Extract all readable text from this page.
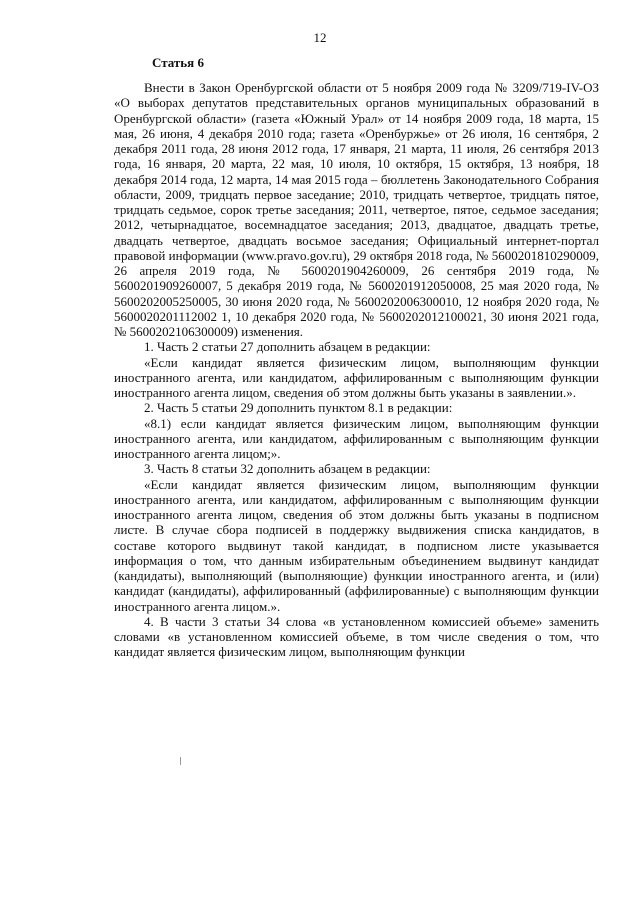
12
Статья 6

Внести в Закон Оренбургской области от 5 ноября 2009 года № 3209/719-IV-ОЗ «О выборах депутатов представительных органов муниципальных образований в Оренбургской области» (газета «Южный Урал» от 14 ноября 2009 года, 18 марта, 15 мая, 26 июня, 4 декабря 2010 года; газета «Оренбуржье» от 26 июля, 16 сентября, 2 декабря 2011 года, 28 июня 2012 года, 17 января, 21 марта, 11 июля, 26 сентября 2013 года, 16 января, 20 марта, 22 мая, 10 июля, 10 октября, 15 октября, 13 ноября, 18 декабря 2014 года, 12 марта, 14 мая 2015 года – бюллетень Законодательного Собрания области, 2009, тридцать первое заседание; 2010, тридцать четвертое, тридцать пятое, тридцать седьмое, сорок третье заседания; 2011, четвертое, пятое, седьмое заседания; 2012, четырнадцатое, восемнадцатое заседания; 2013, двадцатое, двадцать третье, двадцать четвертое, двадцать восьмое заседания; Официальный интернет-портал правовой информации (www.pravo.gov.ru), 29 октября 2018 года, № 5600201810290009, 26 апреля 2019 года, № 5600201904260009, 26 сентября 2019 года, № 5600201909260007, 5 декабря 2019 года, № 5600201912050008, 25 мая 2020 года, № 5600202005250005, 30 июня 2020 года, № 5600202006300010, 12 ноября 2020 года, № 5600020201112002 1, 10 декабря 2020 года, № 5600202012100021, 30 июня 2021 года, № 5600202106300009) изменения.

1. Часть 2 статьи 27 дополнить абзацем в редакции:

«Если кандидат является физическим лицом, выполняющим функции иностранного агента, или кандидатом, аффилированным с выполняющим функции иностранного агента лицом, сведения об этом должны быть указаны в заявлении.».

2. Часть 5 статьи 29 дополнить пунктом 8.1 в редакции:

«8.1) если кандидат является физическим лицом, выполняющим функции иностранного агента, или кандидатом, аффилированным с выполняющим функции иностранного агента лицом;».

3. Часть 8 статьи 32 дополнить абзацем в редакции:

«Если кандидат является физическим лицом, выполняющим функции иностранного агента, или кандидатом, аффилированным с выполняющим функции иностранного агента лицом, сведения об этом должны быть указаны в подписном листе. В случае сбора подписей в поддержку выдвижения списка кандидатов, в составе которого выдвинут такой кандидат, в подписном листе указывается информация о том, что данным избирательным объединением выдвинут кандидат (кандидаты), выполняющий (выполняющие) функции иностранного агента, и (или) кандидат (кандидаты), аффилированный (аффилированные) с выполняющим функции иностранного агента лицом.».

4. В части 3 статьи 34 слова «в установленном комиссией объеме» заменить словами «в установленном комиссией объеме, в том числе сведения о том, что кандидат является физическим лицом, выполняющим функции
